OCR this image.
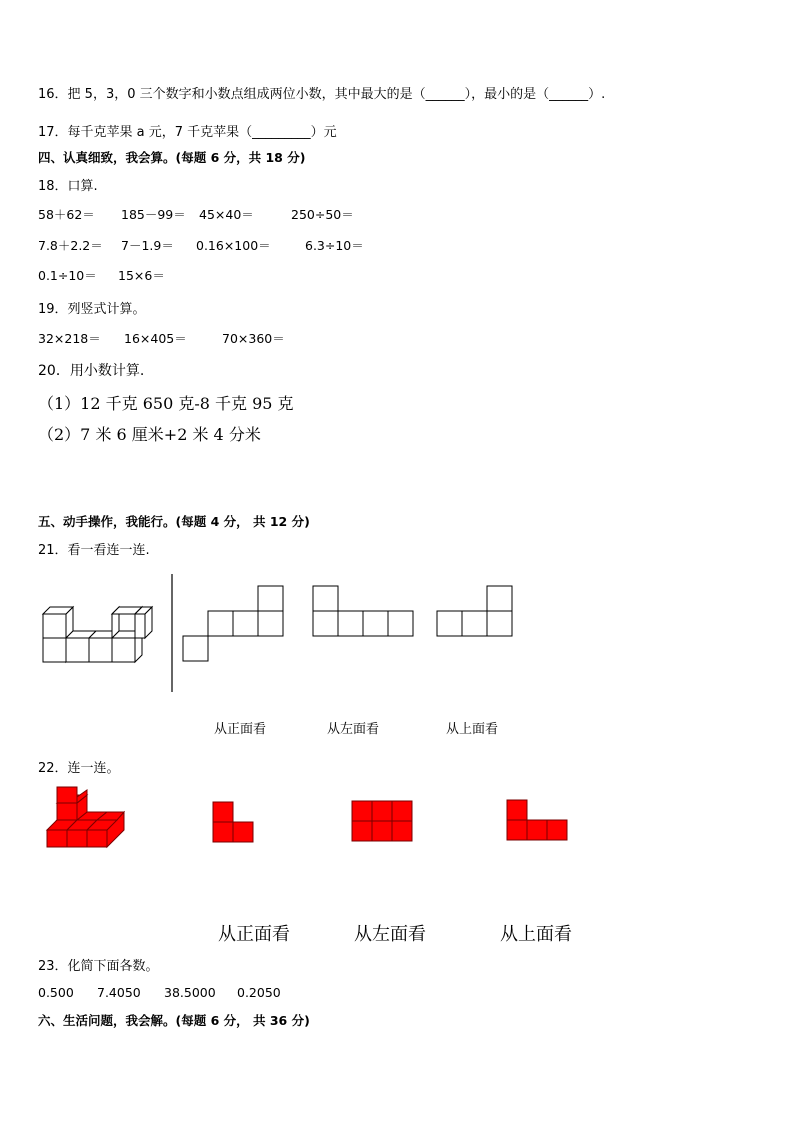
16．把 5，3，0 三个数字和小数点组成两位小数，其中最大的是（______），最小的是（______）.
17．每千克苹果 a 元，7 千克苹果（_________）元
四、认真细致，我会算。(每题 6 分，共 18 分)
18．口算.
58＋62＝ 185－99＝ 45×40＝	250÷50＝
7.8＋2.2＝ 7－1.9＝ 0.16×100＝	6.3÷10＝
0.1÷10＝ 15×6＝
19．列竖式计算。
32×218＝ 16×405＝	70×360＝
20．用小数计算.
（1）12 千克 650 克-8 千克 95 克
（2）7 米 6 厘米+2 米 4 分米
五、动手操作，我能行。(每题 4 分， 共 12 分)
21．看一看连一连.
从正面看	从左面看	从上面看
22．连一连。
从正面看	从左面看	从上面看
23．化简下面各数。
0.500 7.4050 38.5000 0.2050
六、生活问题，我会解。(每题 6 分， 共 36 分)
